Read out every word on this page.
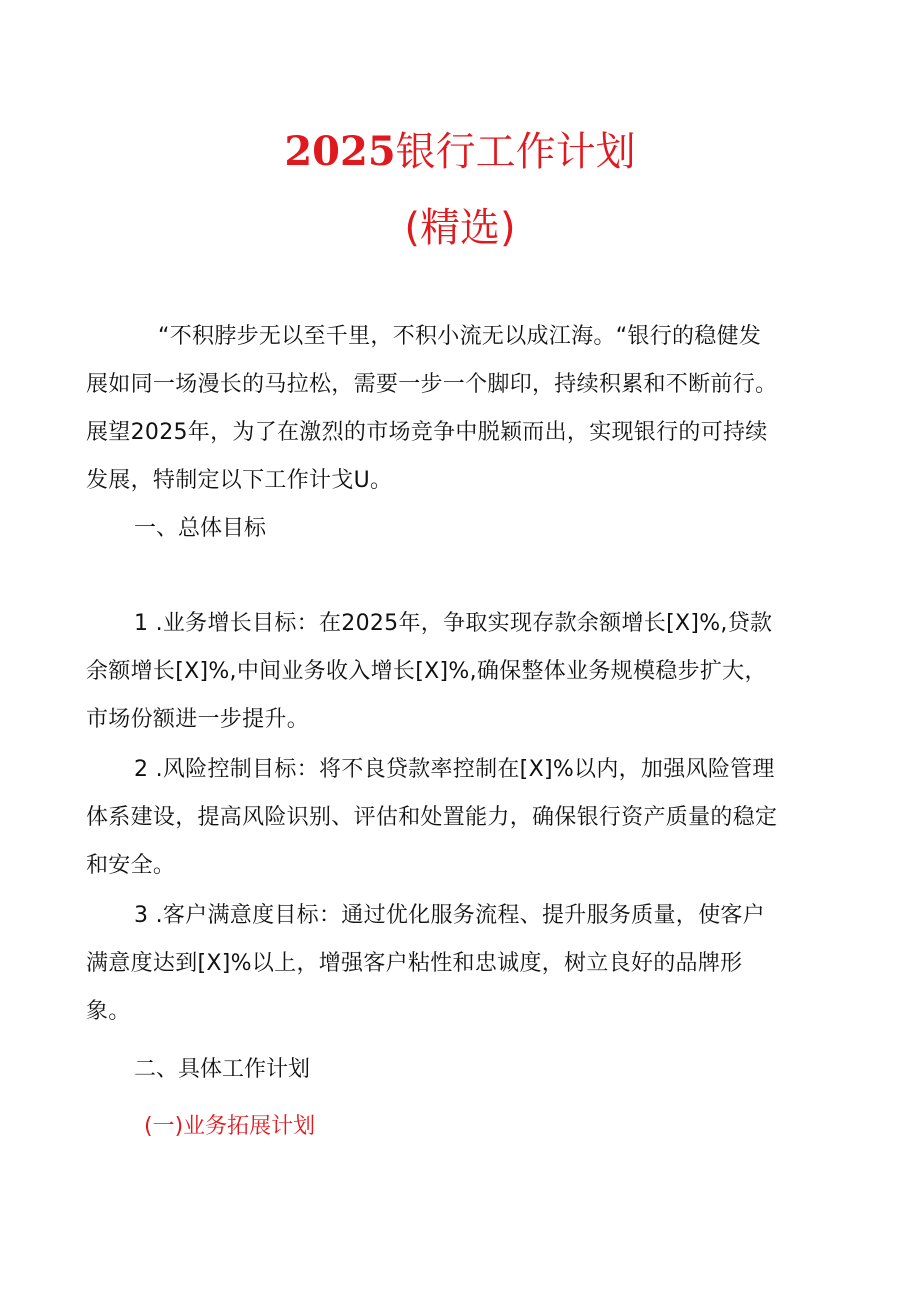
2025银行工作计划
(精选)
“不积脖步无以至千里，不积小流无以成江海。“银行的稳健发
展如同一场漫长的马拉松，需要一步一个脚印，持续积累和不断前行。
展望2025年，为了在激烈的市场竞争中脱颖而出，实现银行的可持续
发展，特制定以下工作计戈U。
一、总体目标
1 .业务增长目标：在2025年，争取实现存款余额增长[X]%,贷款
余额增长[X]%,中间业务收入增长[X]%,确保整体业务规模稳步扩大，
市场份额进一步提升。
2 .风险控制目标：将不良贷款率控制在[X]%以内，加强风险管理
体系建设，提高风险识别、评估和处置能力，确保银行资产质量的稳定
和安全。
3 .客户满意度目标：通过优化服务流程、提升服务质量，使客户
满意度达到[X]%以上，增强客户粘性和忠诚度，树立良好的品牌形
象。
二、具体工作计划
(一)业务拓展计划
